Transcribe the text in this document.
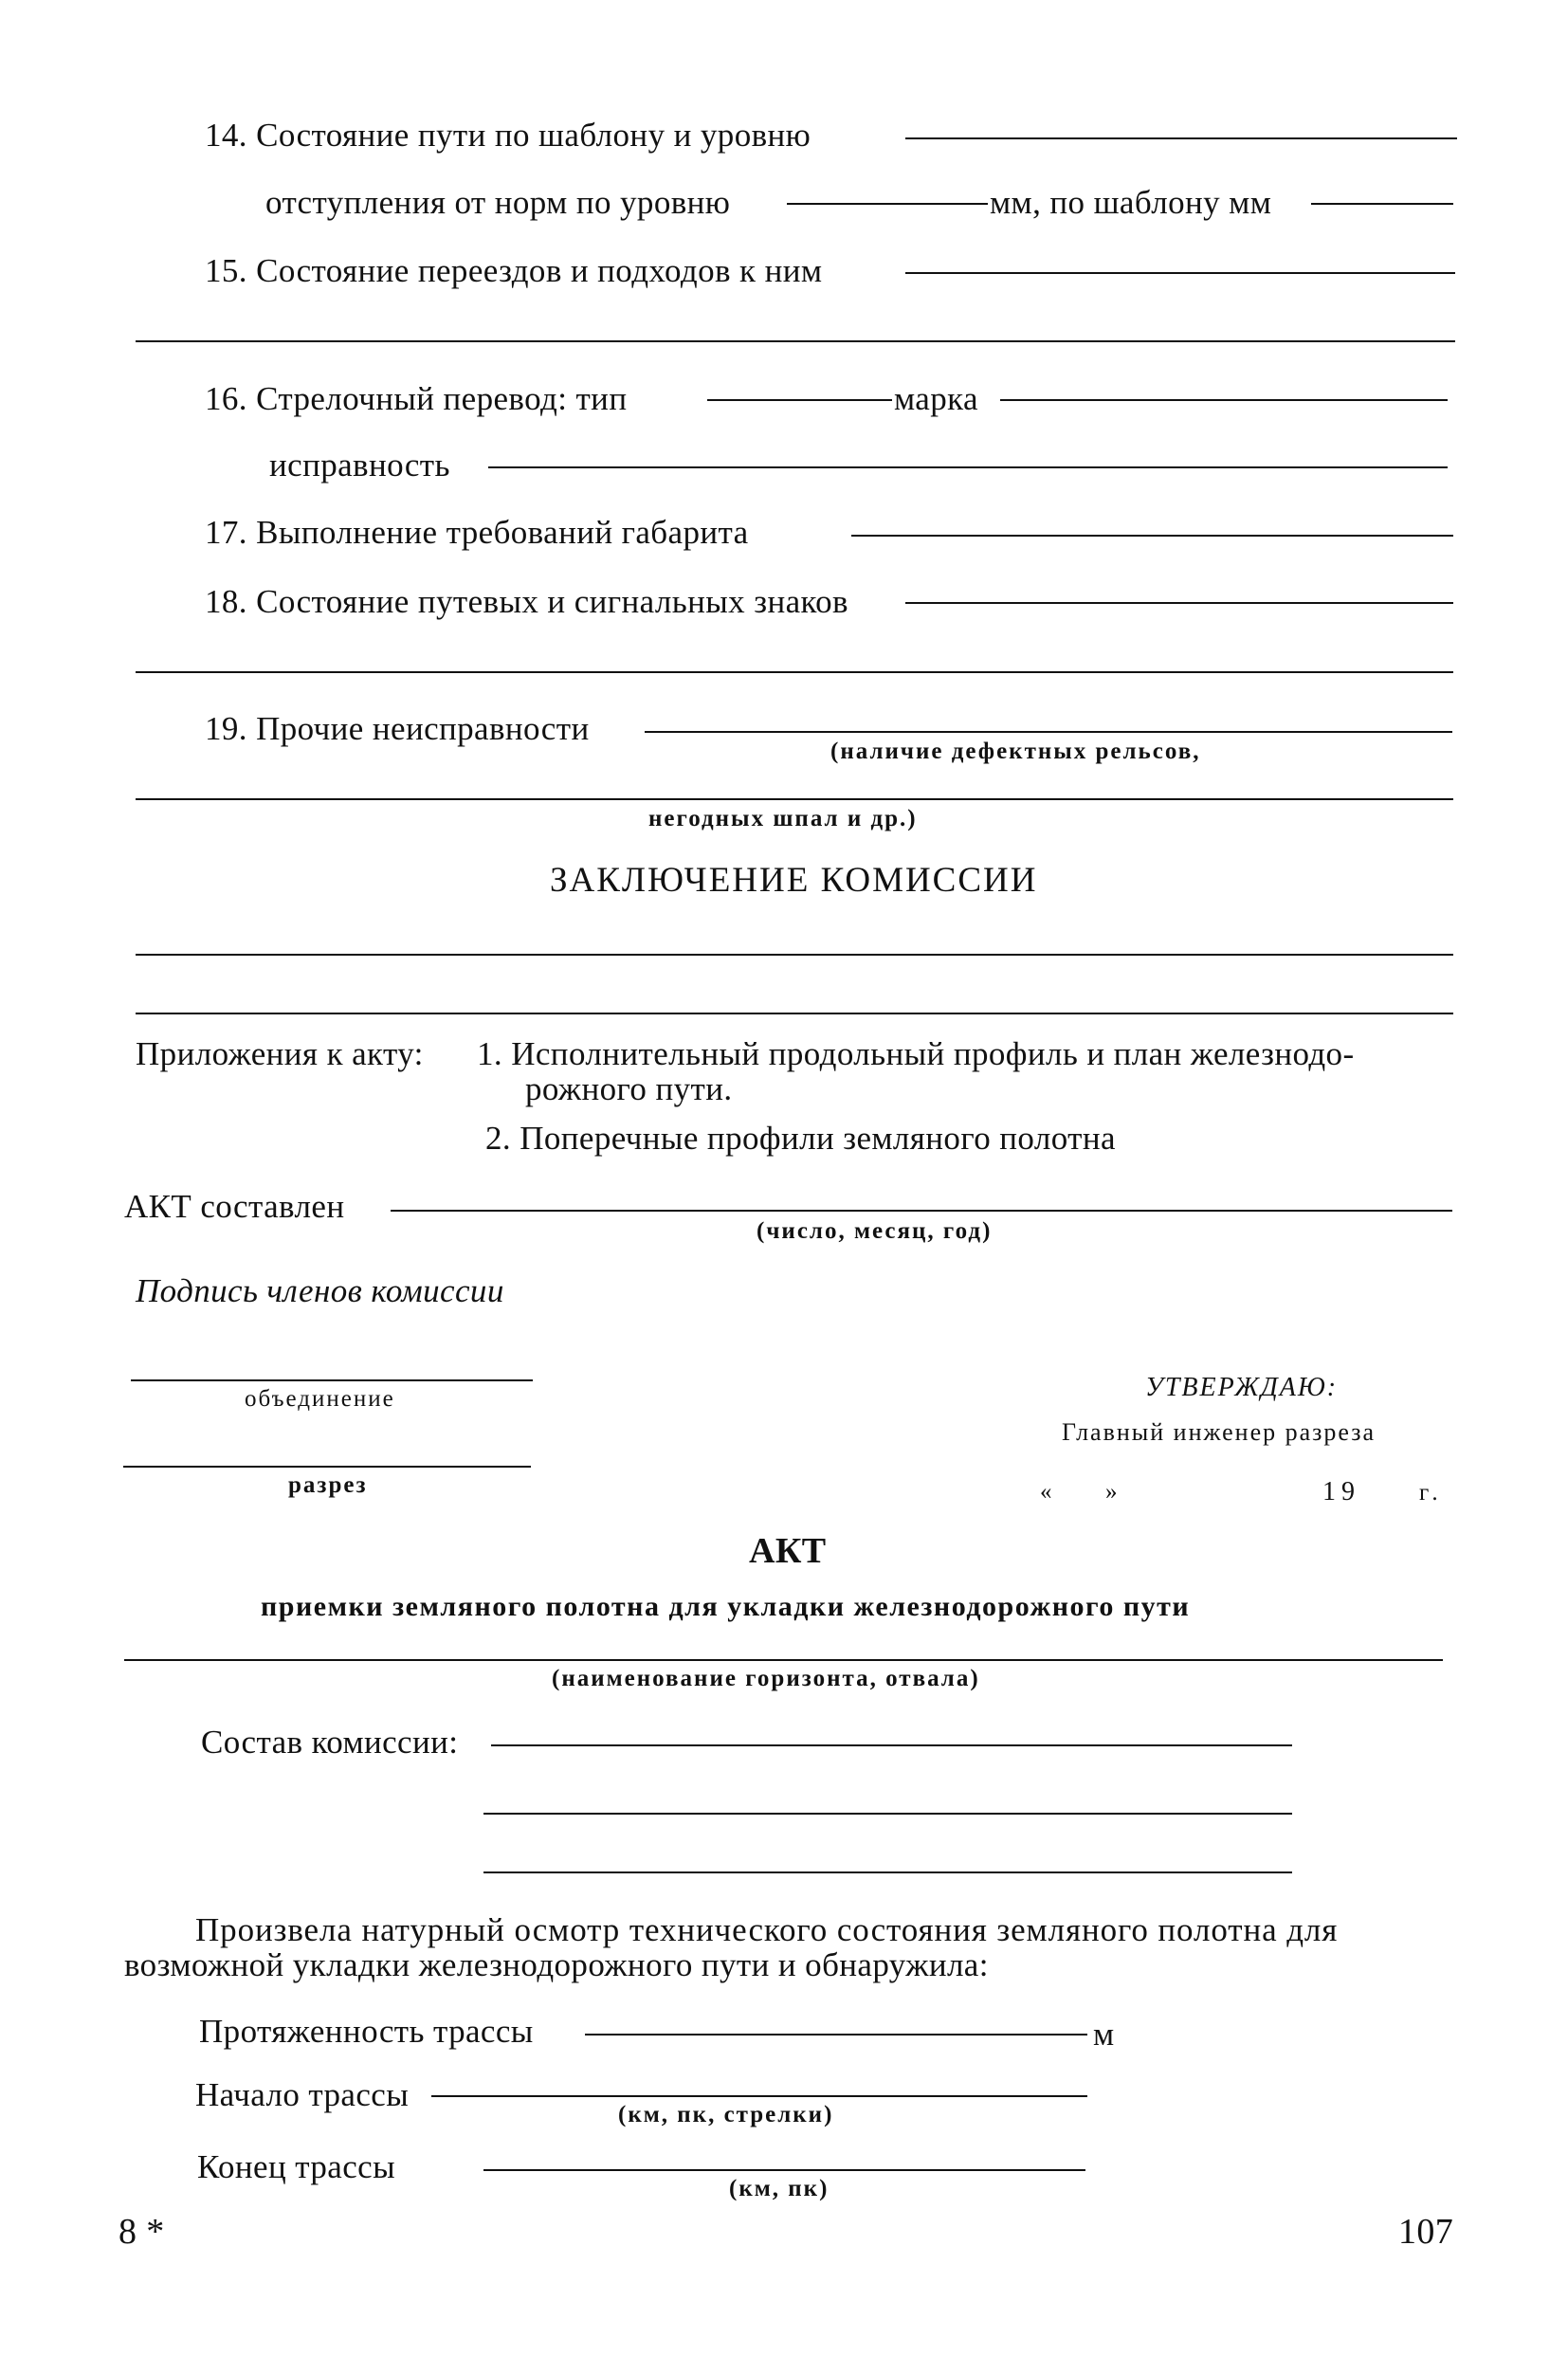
14. Состояние пути по шаблону и уровню
отступления от норм по уровню	мм, по шаблону мм
15. Состояние переездов и подходов к ним
16. Стрелочный перевод: тип	марка
исправность
17. Выполнение требований габарита
18. Состояние путевых и сигнальных знаков
19. Прочие неисправности
(наличие дефектных рельсов,
негодных шпал и др.)
ЗАКЛЮЧЕНИЕ КОМИССИИ
Приложения к акту: 1. Исполнительный продольный профиль и план железнодо-
рожного пути.
2. Поперечные профили земляного полотна
АКТ составлен
(число, месяц, год)
Подпись членов комиссии
объединение
разрез
УТВЕРЖДАЮ:
Главный инженер разреза
« »	19 г.
АКТ
приемки земляного полотна для укладки железнодорожного пути
(наименование горизонта, отвала)
Состав комиссии:
Произвела натурный осмотр технического состояния земляного полотна для
возможной укладки железнодорожного пути и обнаружила:
Протяженность трассы	м
Начало трассы
(км, пк, стрелки)
Конец трассы
(км, пк)
8 *	107
